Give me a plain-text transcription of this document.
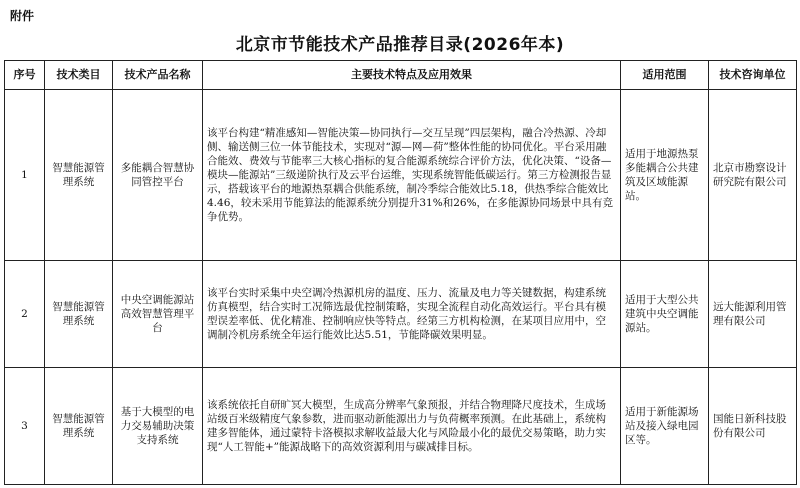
附件
北京市节能技术产品推荐目录(2026年本)
序号	技术类目	技术产品名称	主要技术特点及应用效果	适用范围	技术咨询单位
1	智慧能源管理系统	多能耦合智慧协同管控平台	该平台构建“精准感知—智能决策—协同执行—交互呈现”四层架构，融合冷热源、冷却侧、输送侧三位一体节能技术，实现对“源—网—荷”整体性能的协同优化。平台采用融合能效、费效与节能率三大核心指标的复合能源系统综合评价方法，优化决策、“设备—模块—能源站”三级递阶执行及云平台运维，实现系统智能低碳运行。第三方检测报告显示，搭载该平台的地源热泵耦合供能系统，制冷季综合能效比5.18，供热季综合能效比4.46，较未采用节能算法的能源系统分别提升31%和26%，在多能源协同场景中具有竞争优势。	适用于地源热泵多能耦合公共建筑及区域能源站。	北京市勘察设计研究院有限公司
2	智慧能源管理系统	中央空调能源站高效智慧管理平台	该平台实时采集中央空调冷热源机房的温度、压力、流量及电力等关键数据，构建系统仿真模型，结合实时工况筛选最优控制策略，实现全流程自动化高效运行。平台具有模型误差率低、优化精准、控制响应快等特点。经第三方机构检测，在某项目应用中，空调制冷机房系统全年运行能效比达5.51，节能降碳效果明显。	适用于大型公共建筑中央空调能源站。	远大能源利用管理有限公司
3	智慧能源管理系统	基于大模型的电力交易辅助决策支持系统	该系统依托自研旷冥大模型，生成高分辨率气象预报，并结合物理降尺度技术，生成场站级百米级精度气象参数，进而驱动新能源出力与负荷概率预测。在此基础上，系统构建多智能体，通过蒙特卡洛模拟求解收益最大化与风险最小化的最优交易策略，助力实现“人工智能+”能源战略下的高效资源利用与碳减排目标。	适用于新能源场站及接入绿电园区等。	国能日新科技股份有限公司
